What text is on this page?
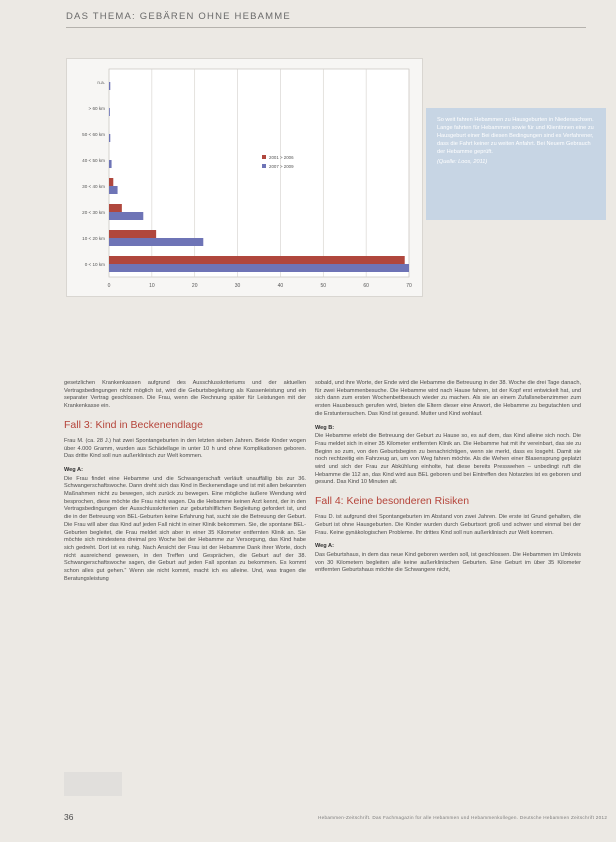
DAS THEMA: GEBÄREN OHNE HEBAMME
0	10	20	30	40	50	60	70
n.a.
> 60 km
50 < 60 km
40 < 50 km
30 < 40 km
20 < 30 km
10 < 20 km
0 < 10 km
2001 > 2006
2007 > 2009
So weit fahren Hebammen zu Hausgeburten in Niedersachsen. Lange fahrten für Hebammen sowie für und Klientinnen eine zu Hausgeburt einer Bei diesen Bedingungen sind es Verfahrener, dass die Fahrt keiner zu weiten Anfahrt. Bei Neuem Gebrauch der Hebamme geprüft.
(Quelle: Loos, 2011)

gesetzlichen Krankenkassen aufgrund des Ausschlusskriteriums und der aktuellen Vertragsbedingungen nicht möglich ist, wird die Geburtsbegleitung als Kassenleistung und ein separater Vertrag geschlossen. Die Frau, wenn die Rechnung später für Leistungen mit der Krankenkasse ein.

Fall 3: Kind in Beckenendlage

Frau M. (ca. 28 J.) hat zwei Spontangeburten in den letzten sieben Jahren. Beide Kinder wogen über 4.000 Gramm, wurden aus Schädellage in unter 10 h und ohne Komplikationen geboren. Das dritte Kind soll nun außerklinisch zur Welt kommen.

Weg A:

Die Frau findet eine Hebamme und die Schwangerschaft verläuft unauffällig bis zur 36. Schwangerschaftswoche. Dann dreht sich das Kind in Beckenendlage und ist mit allen bekannten Maßnahmen nicht zu bewegen, sich zurück zu bewegen. Eine mögliche äußere Wendung wird besprochen, diese möchte die Frau nicht wagen. Da die Hebamme keinen Arzt kennt, der in den Vertragsbedingungen der Ausschlusskriterien zur geburtshilflichen Begleitung gefordert ist, und die in der Betreuung von BEL-Geburten keine Erfahrung hat, sucht sie die Betreuung der Geburt. Die Frau will aber das Kind auf jeden Fall nicht in einer Klinik bekommen. Sie, die spontane BEL-Geburten begleitet, die Frau meldet sich aber in einer 35 Kilometer entfernten Klinik an. Sie möchte sich mindestens dreimal pro Woche bei der Hebamme zur Versorgung, das Kind habe sich gedreht. Dort ist es ruhig. Nach Ansicht der Frau ist der Hebamme Dank ihrer Worte, doch nicht ausreichend gewesen, in den Treffen und Gesprächen, die Geburt auf der 38. Schwangerschaftswoche sagen, die Geburt auf jeden Fall spontan zu bekommen. Es kommt schon alles gut gehen.“ Wenn sie nicht kommt, macht ich es alleine. Und, was tragen die Beratungsleistung

sobald, und ihre Worte, der Ende wird die Hebamme die Betreuung in der 38. Woche die drei Tage danach, für zwei Hebammenbesuche. Die Hebamme wird nach Hause fahren, ist der Kopf erst entwickelt hat, und sich dann zum ersten Wochenbettbesuch wieder zu machen. Als sie an einem Zufallsnebenzimmer zum ersten Hausbesuch gerufen wird, bieten die Eltern dieser eine Anwort, die Hebamme zu begutachten und die Erstuntersuchen. Das Kind ist gesund. Mutter und Kind wohlauf.

Weg B:

Die Hebamme erlebt die Betreuung der Geburt zu Hause so, es auf dem, das Kind alleine sich noch. Die Frau meldet sich in einer 35 Kilometer entfernten Klinik an. Die Hebamme hat mit ihr vereinbart, das sie zu Beginn so zum, von den Geburtsbeginn zu benachrichtigen, wenn sie merkt, dass es losgeht. Damit sie noch rechtzeitig ein Fahrzeug an, um von Weg fahren möchte. Als die Wehen einer Blasensprung geplatzt wird und sich der Frau zur Abkühlung einholte, hat diese bereits Presswehen – unbedingt ruft die Hebamme die 112 an, das Kind wird aus BEL geboren und bei Eintreffen des Notarztes ist es geboren und gesund. Das Kind 10 Minuten alt.

Fall 4: Keine besonderen Risiken

Frau D. ist aufgrund drei Spontangeburten im Abstand von zwei Jahren. Die erste ist Grund gehalten, die Geburt ist ohne Hausgeburten. Die Kinder wurden durch Geburtsort groß und schwer und einmal bei der Frau. Keine gynäkologischen Probleme. Ihr drittes Kind soll nun außerklinisch zur Welt kommen.

Weg A:

Das Geburtshaus, in dem das neue Kind geboren werden soll, ist geschlossen. Die Hebammen im Umkreis von 30 Kilometern begleiten alle keine außerklinischen Geburten. Eine Geburt im über 35 Kilometer entfernten Geburtshaus möchte die Schwangere nicht,

36	Hebammen-Zeitschrift. Das Fachmagazin für alle Hebammen und Hebammenkollegen. Deutsche Hebammen Zeitschrift 2012
